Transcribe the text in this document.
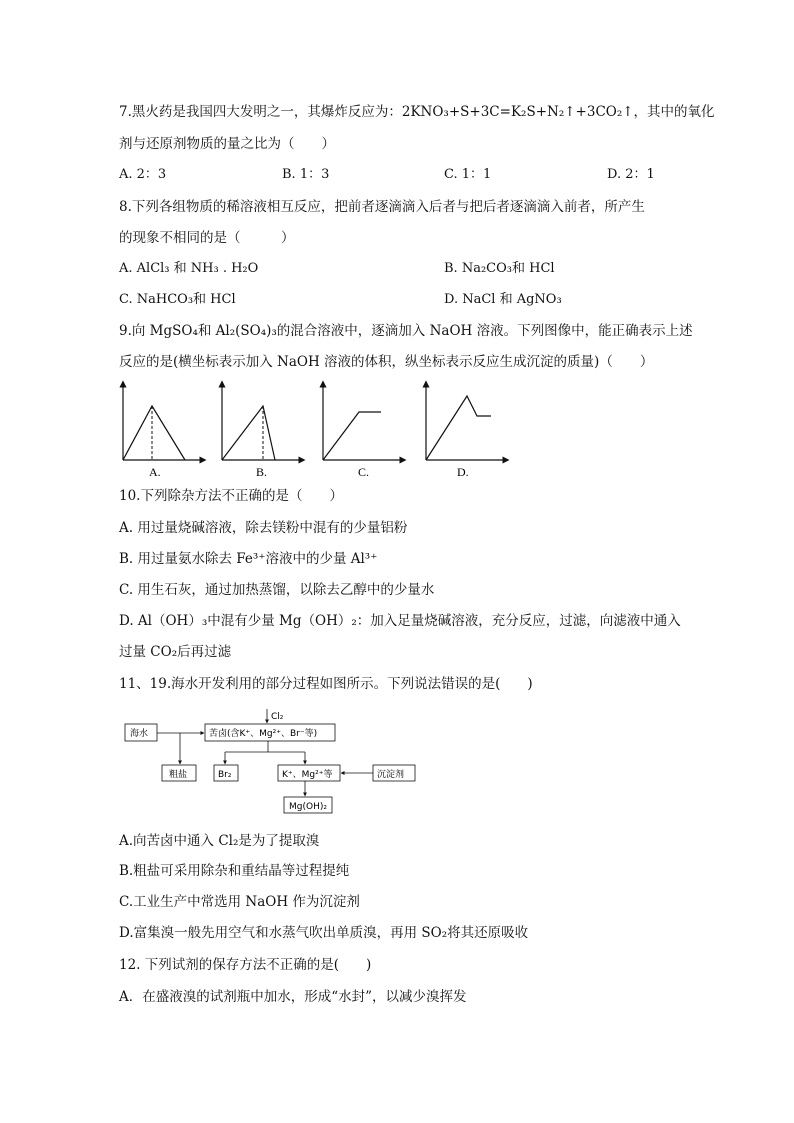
7.黑火药是我国四大发明之一，其爆炸反应为：2KNO₃+S+3C=K₂S+N₂↑+3CO₂↑，其中的氧化
剂与还原剂物质的量之比为（　　）
A. 2：3	B. 1：3	C. 1：1	D. 2：1
8.下列各组物质的稀溶液相互反应，把前者逐滴滴入后者与把后者逐滴滴入前者，所产生
的现象不相同的是（　　　）
A. AlCl₃ 和 NH₃ . H₂O	B. Na₂CO₃和 HCl
C. NaHCO₃和 HCl	D. NaCl 和 AgNO₃
9.向 MgSO₄和 Al₂(SO₄)₃的混合溶液中，逐滴加入 NaOH 溶液。下列图像中，能正确表示上述
反应的是(横坐标表示加入 NaOH 溶液的体积，纵坐标表示反应生成沉淀的质量)（　　）
A.	B.	C.	D.
10.下列除杂方法不正确的是（　　）
A. 用过量烧碱溶液，除去镁粉中混有的少量铝粉
B. 用过量氨水除去 Fe³⁺溶液中的少量 Al³⁺
C. 用生石灰，通过加热蒸馏，以除去乙醇中的少量水
D. Al（OH）₃中混有少量 Mg（OH）₂：加入足量烧碱溶液，充分反应，过滤，向滤液中通入
过量 CO₂后再过滤
11、19.海水开发利用的部分过程如图所示。下列说法错误的是(　　)
Cl₂
海水	苦卤(含K⁺、Mg²⁺、Br⁻等)
粗盐	Br₂	K⁺、Mg²⁺等	沉淀剂
Mg(OH)₂
A.向苦卤中通入 Cl₂是为了提取溴
B.粗盐可采用除杂和重结晶等过程提纯
C.工业生产中常选用 NaOH 作为沉淀剂
D.富集溴一般先用空气和水蒸气吹出单质溴，再用 SO₂将其还原吸收
12. 下列试剂的保存方法不正确的是(　　)
A．在盛液溴的试剂瓶中加水，形成“水封”，以减少溴挥发
